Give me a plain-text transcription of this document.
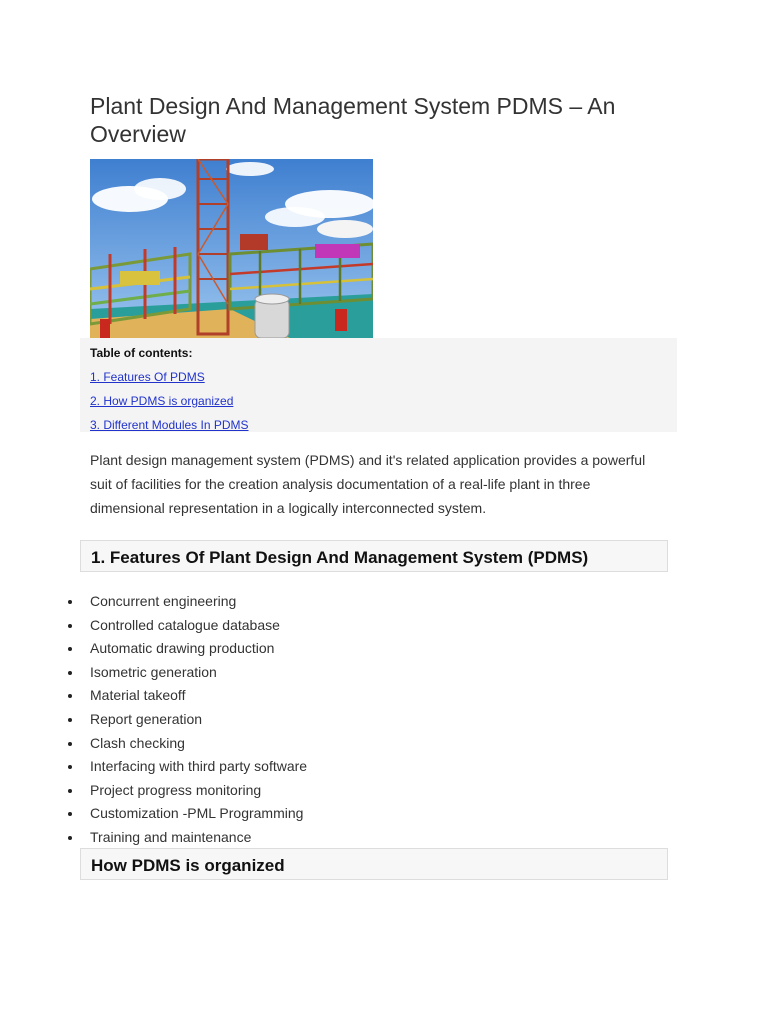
Plant Design And Management System PDMS – An Overview
Table of contents:
1. Features Of PDMS
2. How PDMS is organized
3. Different Modules In PDMS

Plant design management system (PDMS) and it's related application provides a powerful suit of facilities for the creation analysis documentation of a real-life plant in three dimensional representation in a logically interconnected system.

1. Features Of Plant Design And Management System (PDMS)
Concurrent engineering
Controlled catalogue database
Automatic drawing production
Isometric generation
Material takeoff
Report generation
Clash checking
Interfacing with third party software
Project progress monitoring
Customization -PML Programming
Training and maintenance
How PDMS is organized
